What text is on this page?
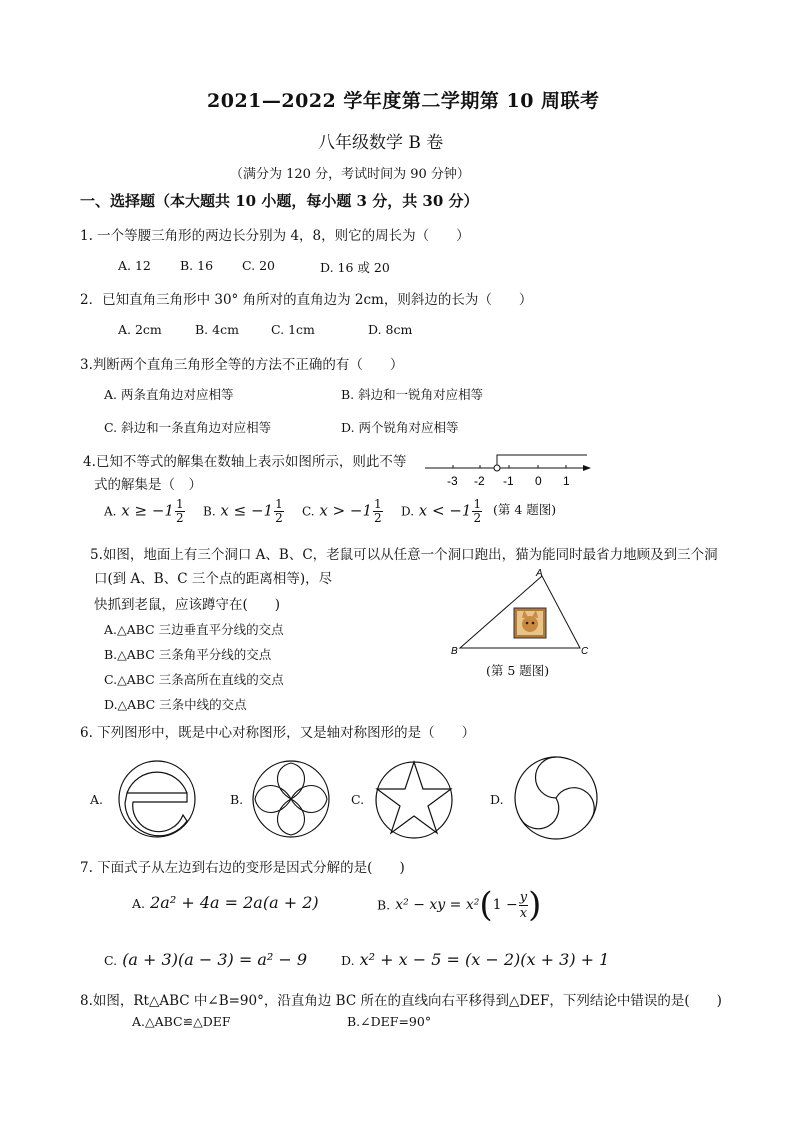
2021—2022 学年度第二学期第 10 周联考
八年级数学 B 卷
（满分为 120 分，考试时间为 90 分钟）
一、选择题（本大题共 10 小题，每小题 3 分，共 30 分）
1. 一个等腰三角形的两边长分别为 4，8，则它的周长为（　　）
A. 12 B. 16 C. 20	D. 16 或 20
2．已知直角三角形中 30° 角所对的直角边为 2cm，则斜边的长为（　　）
A. 2cm	B. 4cm	C. 1cm	D. 8cm
3.判断两个直角三角形全等的方法不正确的有（　　）
A. 两条直角边对应相等	B. 斜边和一锐角对应相等
C. 斜边和一条直角边对应相等	D. 两个锐角对应相等
4.已知不等式的解集在数轴上表示如图所示，则此不等
式的解集是（　）	-3 -2 -1 0 1
A. $x \ge -1 \frac{1}{2} B$. $x \le -1 \frac{1}{2} C$. $x > -1 \frac{1}{2} D$. $x < -1 \frac{1}{2}$ (第 4 题图)
5.如图，地面上有三个洞口 A、B、C，老鼠可以从任意一个洞口跑出，猫为能同时最省力地顾及到三个洞
口(到 A、B、C 三个点的距离相等)，尽
快抓到老鼠，应该蹲守在(　　)
A.△ABC 三边垂直平分线的交点
B.△ABC 三条角平分线的交点
C.△ABC 三条高所在直线的交点
D.△ABC 三条中线的交点
A
B	C
(第 5 题图)
6. 下列图形中，既是中心对称图形，又是轴对称图形的是（　　）
A.	B.	C.	D.
7. 下面式子从左边到右边的变形是因式分解的是(　　)
A. 2a² + 4a = 2a(a + 2)	B. x² − xy = $x^2(1 - \frac{y}{x}$ )
C. (a + 3)(a − 3) = a² − 9	D. x² + x − 5 = (x − 2)(x + 3) + 1
8.如图，Rt△ABC 中∠B=90°，沿直角边 BC 所在的直线向右平移得到△DEF，下列结论中错误的是(　　)
A.△ABC≌△DEF	B.∠DEF=90°
